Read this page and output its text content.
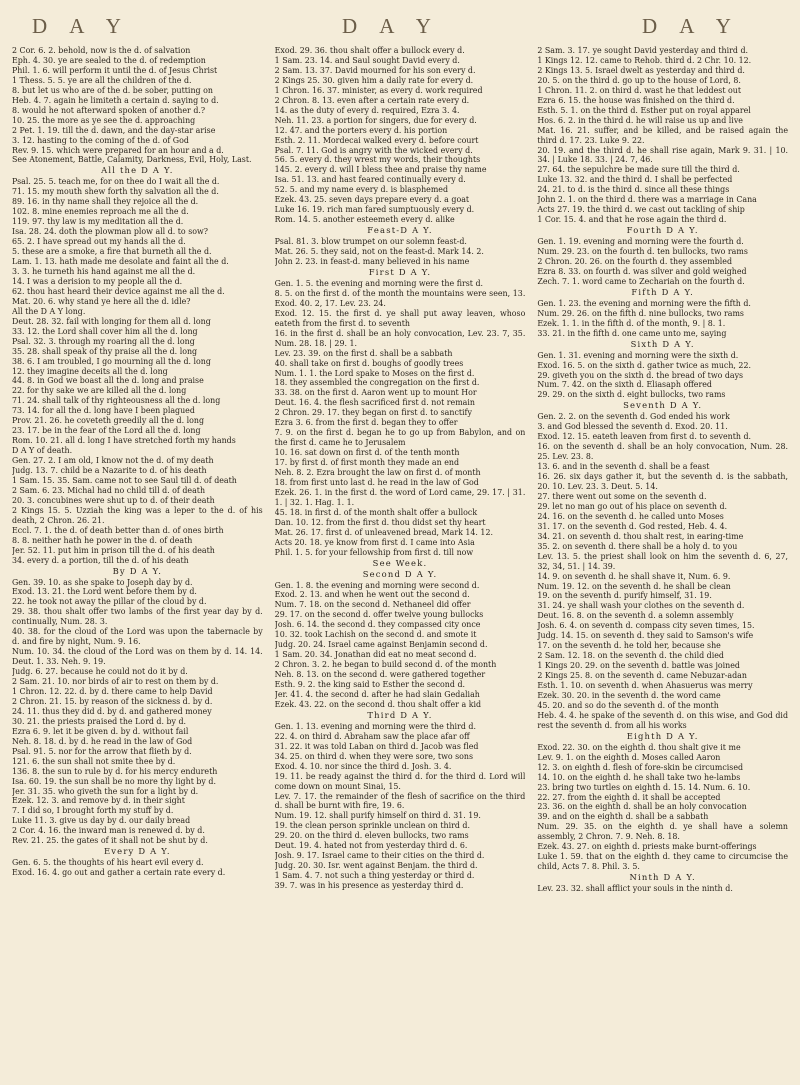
D A Y	D A Y	D A Y

2 Cor. 6. 2. behold, now is the d. of salvation

Eph. 4. 30. ye are sealed to the d. of redemption

Phil. 1. 6. will perform it until the d. of Jesus Christ

1 Thess. 5. 5. ye are all the children of the d.

8. but let us who are of the d. be sober, putting on

Heb. 4. 7. again he limiteth a certain d. saying to d.

8. would he not afterward spoken of another d.?

10. 25. the more as ye see the d. approaching

2 Pet. 1. 19. till the d. dawn, and the day-star arise

3. 12. hasting to the coming of the d. of God

Rev. 9. 15. which were prepared for an hour and a d.

See Atonement, Battle, Calamity, Darkness, Evil, Holy, Last.

All the D A Y.

Psal. 25. 5. teach me, for on thee do I wait all the d.

71. 15. my mouth shew forth thy salvation all the d.

89. 16. in thy name shall they rejoice all the d.

102. 8. mine enemies reproach me all the d.

119. 97. thy law is my meditation all the d.

Isa. 28. 24. doth the plowman plow all d. to sow?

65. 2. I have spread out my hands all the d.

5. these are a smoke, a fire that burneth all the d.

Lam. 1. 13. hath made me desolate and faint all the d.

3. 3. he turneth his hand against me all the d.

14. I was a derision to my people all the d.

62. thou hast heard their device against me all the d.

Mat. 20. 6. why stand ye here all the d. idle?

All the D A Y long.

Deut. 28. 32. fail with longing for them all d. long

33. 12. the Lord shall cover him all the d. long

Psal. 32. 3. through my roaring all the d. long

35. 28. shall speak of thy praise all the d. long

38. 6. I am troubled, I go mourning all the d. long

12. they imagine deceits all the d. long

44. 8. in God we boast all the d. long and praise

22. for thy sake we are killed all the d. long

71. 24. shall talk of thy righteousness all the d. long

73. 14. for all the d. long have I been plagued

Prov. 21. 26. he coveteth greedily all the d. long

23. 17. be in the fear of the Lord all the d. long

Rom. 10. 21. all d. long I have stretched forth my hands

D A Y of death.

Gen. 27. 2. I am old, I know not the d. of my death

Judg. 13. 7. child be a Nazarite to d. of his death

1 Sam. 15. 35. Sam. came not to see Saul till d. of death

2 Sam. 6. 23. Michal had no child till d. of death

20. 3. concubines were shut up to d. of their death

2 Kings 15. 5. Uzziah the king was a leper to the d. of his death, 2 Chron. 26. 21.

Eccl. 7. 1. the d. of death better than d. of ones birth

8. 8. neither hath he power in the d. of death

Jer. 52. 11. put him in prison till the d. of his death

34. every d. a portion, till the d. of his death

By D A Y.

Gen. 39. 10. as she spake to Joseph day by d.

Exod. 13. 21. the Lord went before them by d.

22. he took not away the pillar of the cloud by d.

29. 38. thou shalt offer two lambs of the first year day by d. continually, Num. 28. 3.

40. 38. for the cloud of the Lord was upon the tabernacle by d. and fire by night, Num. 9. 16.

Num. 10. 34. the cloud of the Lord was on them by d. 14. 14. Deut. 1. 33. Neh. 9. 19.

Judg. 6. 27. because he could not do it by d.

2 Sam. 21. 10. nor birds of air to rest on them by d.

1 Chron. 12. 22. d. by d. there came to help David

2 Chron. 21. 15. by reason of the sickness d. by d.

24. 11. thus they did d. by d. and gathered money

30. 21. the priests praised the Lord d. by d.

Ezra 6. 9. let it be given d. by d. without fail

Neh. 8. 18. d. by d. he read in the law of God

Psal. 91. 5. nor for the arrow that flieth by d.

121. 6. the sun shall not smite thee by d.

136. 8. the sun to rule by d. for his mercy endureth

Isa. 60. 19. the sun shall be no more thy light by d.

Jer. 31. 35. who giveth the sun for a light by d.

Ezek. 12. 3. and remove by d. in their sight

7. I did so, I brought forth my stuff by d.

Luke 11. 3. give us day by d. our daily bread

2 Cor. 4. 16. the inward man is renewed d. by d.

Rev. 21. 25. the gates of it shall not be shut by d.

Every D A Y.

Gen. 6. 5. the thoughts of his heart evil every d.

Exod. 16. 4. go out and gather a certain rate every d.

Exod. 29. 36. thou shalt offer a bullock every d.

1 Sam. 23. 14. and Saul sought David every d.

2 Sam. 13. 37. David mourned for his son every d.

2 Kings 25. 30. given him a daily rate for every d.

1 Chron. 16. 37. minister, as every d. work required

2 Chron. 8. 13. even after a certain rate every d.

14. as the duty of every d. required, Ezra 3. 4.

Neh. 11. 23. a portion for singers, due for every d.

12. 47. and the porters every d. his portion

Esth. 2. 11. Mordecai walked every d. before court

Psal. 7. 11. God is angry with the wicked every d.

56. 5. every d. they wrest my words, their thoughts

145. 2. every d. will I bless thee and praise thy name

Isa. 51. 13. and hast feared continually every d.

52. 5. and my name every d. is blasphemed

Ezek. 43. 25. seven days prepare every d. a goat

Luke 16. 19. rich man fared sumptuously every d.

Rom. 14. 5. another esteemeth every d. alike

Feast-D A Y.

Psal. 81. 3. blow trumpet on our solemn feast-d.

Mat. 26. 5. they said, not on the feast-d. Mark 14. 2.

John 2. 23. in feast-d. many believed in his name

First D A Y.

Gen. 1. 5. the evening and morning were the first d.

8. 5. on the first d. of the month the mountains were seen, 13. Exod. 40. 2, 17. Lev. 23. 24.

Exod. 12. 15. the first d. ye shall put away leaven, whoso eateth from the first d. to seventh

16. in the first d. shall be an holy convocation, Lev. 23. 7, 35. Num. 28. 18. | 29. 1.

Lev. 23. 39. on the first d. shall be a sabbath

40. shall take on first d. boughs of goodly trees

Num. 1. 1. the Lord spake to Moses on the first d.

18. they assembled the congregation on the first d.

33. 38. on the first d. Aaron went up to mount Hor

Deut. 16. 4. the flesh sacrificed first d. not remain

2 Chron. 29. 17. they began on first d. to sanctify

Ezra 3. 6. from the first d. began they to offer

7. 9. on the first d. began he to go up from Babylon, and on the first d. came he to Jerusalem

10. 16. sat down on first d. of the tenth month

17. by first d. of first month they made an end

Neh. 8. 2. Ezra brought the law on first d. of month

18. from first unto last d. he read in the law of God

Ezek. 26. 1. in the first d. the word of Lord came, 29. 17. | 31. 1. | 32. 1. Hag. 1. 1.

45. 18. in first d. of the month shalt offer a bullock

Dan. 10. 12. from the first d. thou didst set thy heart

Mat. 26. 17. first d. of unleavened bread, Mark 14. 12.

Acts 20. 18. ye know from first d. I came into Asia

Phil. 1. 5. for your fellowship from first d. till now

See Week.

Second D A Y.

Gen. 1. 8. the evening and morning were second d.

Exod. 2. 13. and when he went out the second d.

Num. 7. 18. on the second d. Nethaneel did offer

29. 17. on the second d. offer twelve young bullocks

Josh. 6. 14. the second d. they compassed city once

10. 32. took Lachish on the second d. and smote it

Judg. 20. 24. Israel came against Benjamin second d.

1 Sam. 20. 34. Jonathan did eat no meat second d.

2 Chron. 3. 2. he began to build second d. of the month

Neh. 8. 13. on the second d. were gathered together

Esth. 9. 2. the king said to Esther the second d.

Jer. 41. 4. the second d. after he had slain Gedaliah

Ezek. 43. 22. on the second d. thou shalt offer a kid

Third D A Y.

Gen. 1. 13. evening and morning were the third d.

22. 4. on third d. Abraham saw the place afar off

31. 22. it was told Laban on third d. Jacob was fled

34. 25. on third d. when they were sore, two sons

Exod. 4. 10. nor since the third d. Josh. 3. 4.

19. 11. be ready against the third d. for the third d. Lord will come down on mount Sinai, 15.

Lev. 7. 17. the remainder of the flesh of sacrifice on the third d. shall be burnt with fire, 19. 6.

Num. 19. 12. shall purify himself on third d. 31. 19.

19. the clean person sprinkle unclean on third d.

29. 20. on the third d. eleven bullocks, two rams

Deut. 19. 4. hated not from yesterday third d. 6.

Josh. 9. 17. Israel came to their cities on the third d.

Judg. 20. 30. Isr. went against Benjam. the third d.

1 Sam. 4. 7. not such a thing yesterday or third d.

39. 7. was in his presence as yesterday third d.

2 Sam. 3. 17. ye sought David yesterday and third d.

1 Kings 12. 12. came to Rehob. third d. 2 Chr. 10. 12.

2 Kings 13. 5. Israel dwelt as yesterday and third d.

20. 5. on the third d. go up to the house of Lord, 8.

1 Chron. 11. 2. on third d. wast he that leddest out

Ezra 6. 15. the house was finished on the third d.

Esth. 5. 1. on the third d. Esther put on royal apparel

Hos. 6. 2. in the third d. he will raise us up and live

Mat. 16. 21. suffer, and be killed, and be raised again the third d. 17. 23. Luke 9. 22.

20. 19. and the third d. he shall rise again, Mark 9. 31. | 10. 34. | Luke 18. 33. | 24. 7, 46.

27. 64. the sepulchre be made sure till the third d.

Luke 13. 32. and the third d. I shall be perfected

24. 21. to d. is the third d. since all these things

John 2. 1. on the third d. there was a marriage in Cana

Acts 27. 19. the third d. we cast out tackling of ship

1 Cor. 15. 4. and that he rose again the third d.

Fourth D A Y.

Gen. 1. 19. evening and morning were the fourth d.

Num. 29. 23. on the fourth d. ten bullocks, two rams

2 Chron. 20. 26. on the fourth d. they assembled

Ezra 8. 33. on fourth d. was silver and gold weighed

Zech. 7. 1. word came to Zechariah on the fourth d.

Fifth D A Y.

Gen. 1. 23. the evening and morning were the fifth d.

Num. 29. 26. on the fifth d. nine bullocks, two rams

Ezek. 1. 1. in the fifth d. of the month, 9. | 8. 1.

33. 21. in the fifth d. one came unto me, saying

Sixth D A Y.

Gen. 1. 31. evening and morning were the sixth d.

Exod. 16. 5. on the sixth d. gather twice as much, 22.

29. giveth you on the sixth d. the bread of two days

Num. 7. 42. on the sixth d. Eliasaph offered

29. 29. on the sixth d. eight bullocks, two rams

Seventh D A Y.

Gen. 2. 2. on the seventh d. God ended his work

3. and God blessed the seventh d. Exod. 20. 11.

Exod. 12. 15. eateth leaven from first d. to seventh d.

16. on the seventh d. shall be an holy convocation, Num. 28. 25. Lev. 23. 8.

13. 6. and in the seventh d. shall be a feast

16. 26. six days gather it, but the seventh d. is the sabbath, 20. 10. Lev. 23. 3. Deut. 5. 14.

27. there went out some on the seventh d.

29. let no man go out of his place on seventh d.

24. 16. on the seventh d. he called unto Moses

31. 17. on the seventh d. God rested, Heb. 4. 4.

34. 21. on seventh d. thou shalt rest, in earing-time

35. 2. on seventh d. there shall be a holy d. to you

Lev. 13. 5. the priest shall look on him the seventh d. 6, 27, 32, 34, 51. | 14. 39.

14. 9. on seventh d. he shall shave it, Num. 6. 9.

Num. 19. 12. on the seventh d. he shall be clean

19. on the seventh d. purify himself, 31. 19.

31. 24. ye shall wash your clothes on the seventh d.

Deut. 16. 8. on the seventh d. a solemn assembly

Josh. 6. 4. on seventh d. compass city seven times, 15.

Judg. 14. 15. on seventh d. they said to Samson's wife

17. on the seventh d. he told her, because she

2 Sam. 12. 18. on the seventh d. the child died

1 Kings 20. 29. on the seventh d. battle was joined

2 Kings 25. 8. on the seventh d. came Nebuzar-adan

Esth. 1. 10. on seventh d. when Ahasuerus was merry

Ezek. 30. 20. in the seventh d. the word came

45. 20. and so do the seventh d. of the month

Heb. 4. 4. he spake of the seventh d. on this wise, and God did rest the seventh d. from all his works

Eighth D A Y.

Exod. 22. 30. on the eighth d. thou shalt give it me

Lev. 9. 1. on the eighth d. Moses called Aaron

12. 3. on eighth d. flesh of fore-skin be circumcised

14. 10. on the eighth d. he shall take two he-lambs

23. bring two turtles on eighth d. 15. 14. Num. 6. 10.

22. 27. from the eighth d. it shall be accepted

23. 36. on the eighth d. shall be an holy convocation

39. and on the eighth d. shall be a sabbath

Num. 29. 35. on the eighth d. ye shall have a solemn assembly, 2 Chron. 7. 9. Neh. 8. 18.

Ezek. 43. 27. on eighth d. priests make burnt-offerings

Luke 1. 59. that on the eighth d. they came to circumcise the child, Acts 7. 8. Phil. 3. 5.

Ninth D A Y.

Lev. 23. 32. shall afflict your souls in the ninth d.
